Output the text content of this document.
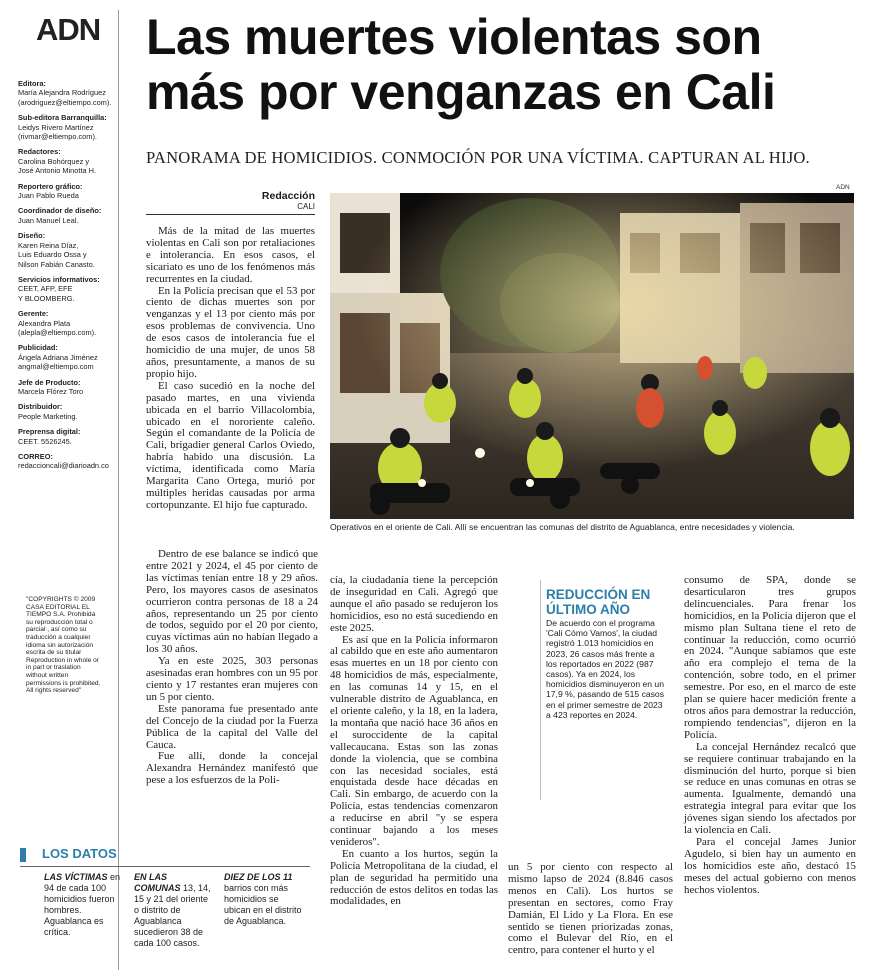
ADN
Editora:
María Alejandra Rodríguez
(arodriguez@eltiempo.com).
Sub-editora Barranquilla:
Leidys Rivero Martínez
(rivmar@eltiempo.com).
Redactores:
Carolina Bohórquez y
José Antonio Minotta H.
Reportero gráfico:
Juan Pablo Rueda
Coordinador de diseño:
Juan Manuel Leal.
Diseño:
Karen Reina Díaz,
Luis Eduardo Ossa y
Nilson Fabián Canasto.
Servicios informativos:
CEET, AFP, EFE
Y BLOOMBERG.
Gerente:
Alexandra Plata
(alepla@eltiempo.com).
Publicidad:
Ángela Adriana Jiménez
angmal@eltiempo.com
Jefe de Producto:
Marcela Flórez Toro
Distribuidor:
People Marketing.
Preprensa digital:
CEET. 5526245.
CORREO:
redaccioncali@diarioadn.co
"COPYRIGHTS © 2009 CASA EDITORIAL EL TIEMPO S.A. Prohibida su reproducción total o parcial , así como su traducción a cualquier idioma sin autorización escrita de su titular Reproduction in whole or in part or traslation without written permissions is prohibited. All rights reserved"
Las muertes violentas son más por venganzas en Cali
PANORAMA DE HOMICIDIOS. CONMOCIÓN POR UNA VÍCTIMA. CAPTURAN AL HIJO.
Redacción
CALI

Más de la mitad de las muertes violentas en Cali son por retaliaciones e intolerancia. En esos casos, el sicariato es uno de los fenómenos más recurrentes en la ciudad.

En la Policía precisan que el 53 por ciento de dichas muertes son por venganzas y el 13 por ciento más por esos problemas de convivencia. Uno de esos casos de intolerancia fue el homicidio de una mujer, de unos 58 años, presuntamente, a manos de su propio hijo.

El caso sucedió en la noche del pasado martes, en una vivienda ubicada en el barrio Villacolombia, ubicado en el nororiente caleño. Según el comandante de la Policía de Cali, brigadier general Carlos Oviedo, habría habido una discusión. La víctima, identificada como María Margarita Cano Ortega, murió por múltiples heridas causadas por arma cortopunzante. El hijo fue capturado.

ADN
Operativos en el oriente de Cali. Allí se encuentran las comunas del distrito de Aguablanca, entre necesidades y violencia.

Dentro de ese balance se indicó que entre 2021 y 2024, el 45 por ciento de las víctimas tenían entre 18 y 29 años. Pero, los mayores casos de asesinatos ocurrieron contra personas de 18 a 24 años, representando un 25 por ciento de todos, seguido por el 20 por ciento, cuyas víctimas aún no habían llegado a los 30 años.

Ya en este 2025, 303 personas asesinadas eran hombres con un 95 por ciento y 17 restantes eran mujeres con un 5 por ciento.

Este panorama fue presentado ante del Concejo de la ciudad por la Fuerza Pública de la capital del Valle del Cauca.

Fue allí, donde la concejal Alexandra Hernández manifestó que pese a los esfuerzos de la Poli-

cía, la ciudadanía tiene la percepción de inseguridad en Cali. Agregó que aunque el año pasado se redujeron los homicidios, eso no está sucediendo en este 2025.

Es así que en la Policía informaron al cabildo que en este año aumentaron esas muertes en un 18 por ciento con 48 homicidios de más, especialmente, en las comunas 14 y 15, en el vulnerable distrito de Aguablanca, en el oriente caleño, y la 18, en la ladera, la montaña que nació hace 36 años en el suroccidente de la capital vallecaucana. Estas son las zonas donde la violencia, que se combina con las necesidad sociales, está enquistada desde hace décadas en Cali. Sin embargo, de acuerdo con la Policía, estas tendencias comenzaron a reducirse en abril "y se espera continuar bajando a los meses venideros".

En cuanto a los hurtos, según la Policía Metropolitana de la ciudad, el plan de seguridad ha permitido una reducción de estos delitos en todas las modalidades, en

REDUCCIÓN EN ÚLTIMO AÑO
De acuerdo con el programa 'Cali Cómo Vamos', la ciudad registró 1.013 homicidios en 2023, 26 casos más frente a los reportados en 2022 (987 casos). Ya en 2024, los homicidios disminuyeron en un 17,9 %, pasando de 515 casos en el primer semestre de 2023 a 423 reportes en 2024.

un 5 por ciento con respecto al mismo lapso de 2024 (8.846 casos menos en Cali). Los hurtos se presentan en sectores, como Fray Damián, El Lido y La Flora. En ese sentido se tienen priorizadas zonas, como el Bulevar del Río, en el centro, para contener el hurto y el

consumo de SPA, donde se desarticularon tres grupos delincuenciales. Para frenar los homicidios, en la Policía dijeron que el mismo plan Sultana tiene el reto de continuar la reducción, como ocurrió en 2024. "Aunque sabíamos que este año era complejo el tema de la contención, sobre todo, en el primer semestre. Por eso, en el marco de este plan se quiere hacer medición frente a otros años para demostrar la reducción, rompiendo tendencias", dijeron en la Policía.

La concejal Hernández recalcó que se requiere continuar trabajando en la disminución del hurto, porque si bien se reduce en unas comunas en otras se aumenta. Igualmente, demandó una estrategia integral para evitar que los jóvenes sigan siendo los afectados por la violencia en Cali.

Para el concejal James Junior Agudelo, si bien hay un aumento en los homicidios este año, destacó 15 meses del actual gobierno con menos hechos violentos.

LOS DATOS
LAS VÍCTIMAS en 94 de cada 100 homicidios fueron hombres. Aguablanca es crítica.
EN LAS COMUNAS 13, 14, 15 y 21 del oriente o distrito de Aguablanca sucedieron 38 de cada 100 casos.
DIEZ DE LOS 11 barrios con más homicidios se ubican en el distrito de Aguablanca.
